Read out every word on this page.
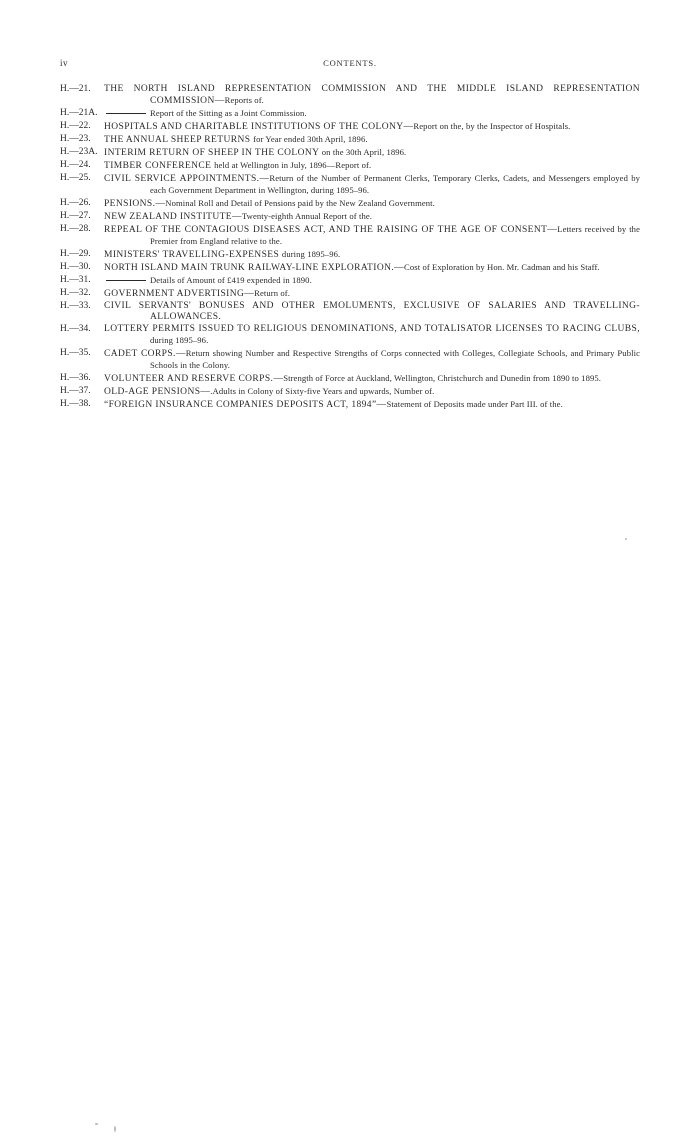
iv	CONTENTS.
H.—21.	THE NORTH ISLAND REPRESENTATION COMMISSION AND THE MIDDLE ISLAND REPRESENTATION COMMISSION—Reports of.
H.—21A.	Report of the Sitting as a Joint Commission.
H.—22.	HOSPITALS AND CHARITABLE INSTITUTIONS OF THE COLONY—Report on the, by the Inspector of Hospitals.
H.—23.	THE ANNUAL SHEEP RETURNS for Year ended 30th April, 1896.
H.—23A. INTERIM RETURN OF SHEEP IN THE COLONY on the 30th April, 1896.
H.—24.	TIMBER CONFERENCE held at Wellington in July, 1896—Report of.
H.—25.	CIVIL SERVICE APPOINTMENTS.—Return of the Number of Permanent Clerks, Temporary Clerks, Cadets, and Messengers employed by each Government Department in Wellington, during 1895–96.
H.—26.	PENSIONS.—Nominal Roll and Detail of Pensions paid by the New Zealand Government.
H.—27.	NEW ZEALAND INSTITUTE—Twenty-eighth Annual Report of the.
H.—28.	REPEAL OF THE CONTAGIOUS DISEASES ACT, AND THE RAISING OF THE AGE OF CONSENT—Letters received by the Premier from England relative to the.
H.—29.	MINISTERS' TRAVELLING-EXPENSES during 1895–96.
H.—30.	NORTH ISLAND MAIN TRUNK RAILWAY-LINE EXPLORATION.—Cost of Exploration by Hon. Mr. Cadman and his Staff.
H.—31.	Details of Amount of £419 expended in 1890.
H.—32.	GOVERNMENT ADVERTISING—Return of.
H.—33.	CIVIL SERVANTS' BONUSES AND OTHER EMOLUMENTS, EXCLUSIVE OF SALARIES AND TRAVELLING-ALLOWANCES.
H.—34.	LOTTERY PERMITS ISSUED TO RELIGIOUS DENOMINATIONS, AND TOTALISATOR LICENSES TO RACING CLUBS, during 1895–96.
H.—35.	CADET CORPS.—Return showing Number and Respective Strengths of Corps connected with Colleges, Collegiate Schools, and Primary Public Schools in the Colony.
H.—36.	VOLUNTEER AND RESERVE CORPS.—Strength of Force at Auckland, Wellington, Christchurch and Dunedin from 1890 to 1895.
H.—37.	OLD-AGE PENSIONS—.Adults in Colony of Sixty-five Years and upwards, Number of.
H.—38.	“FOREIGN INSURANCE COMPANIES DEPOSITS ACT, 1894”—Statement of Deposits made under Part III. of the.
